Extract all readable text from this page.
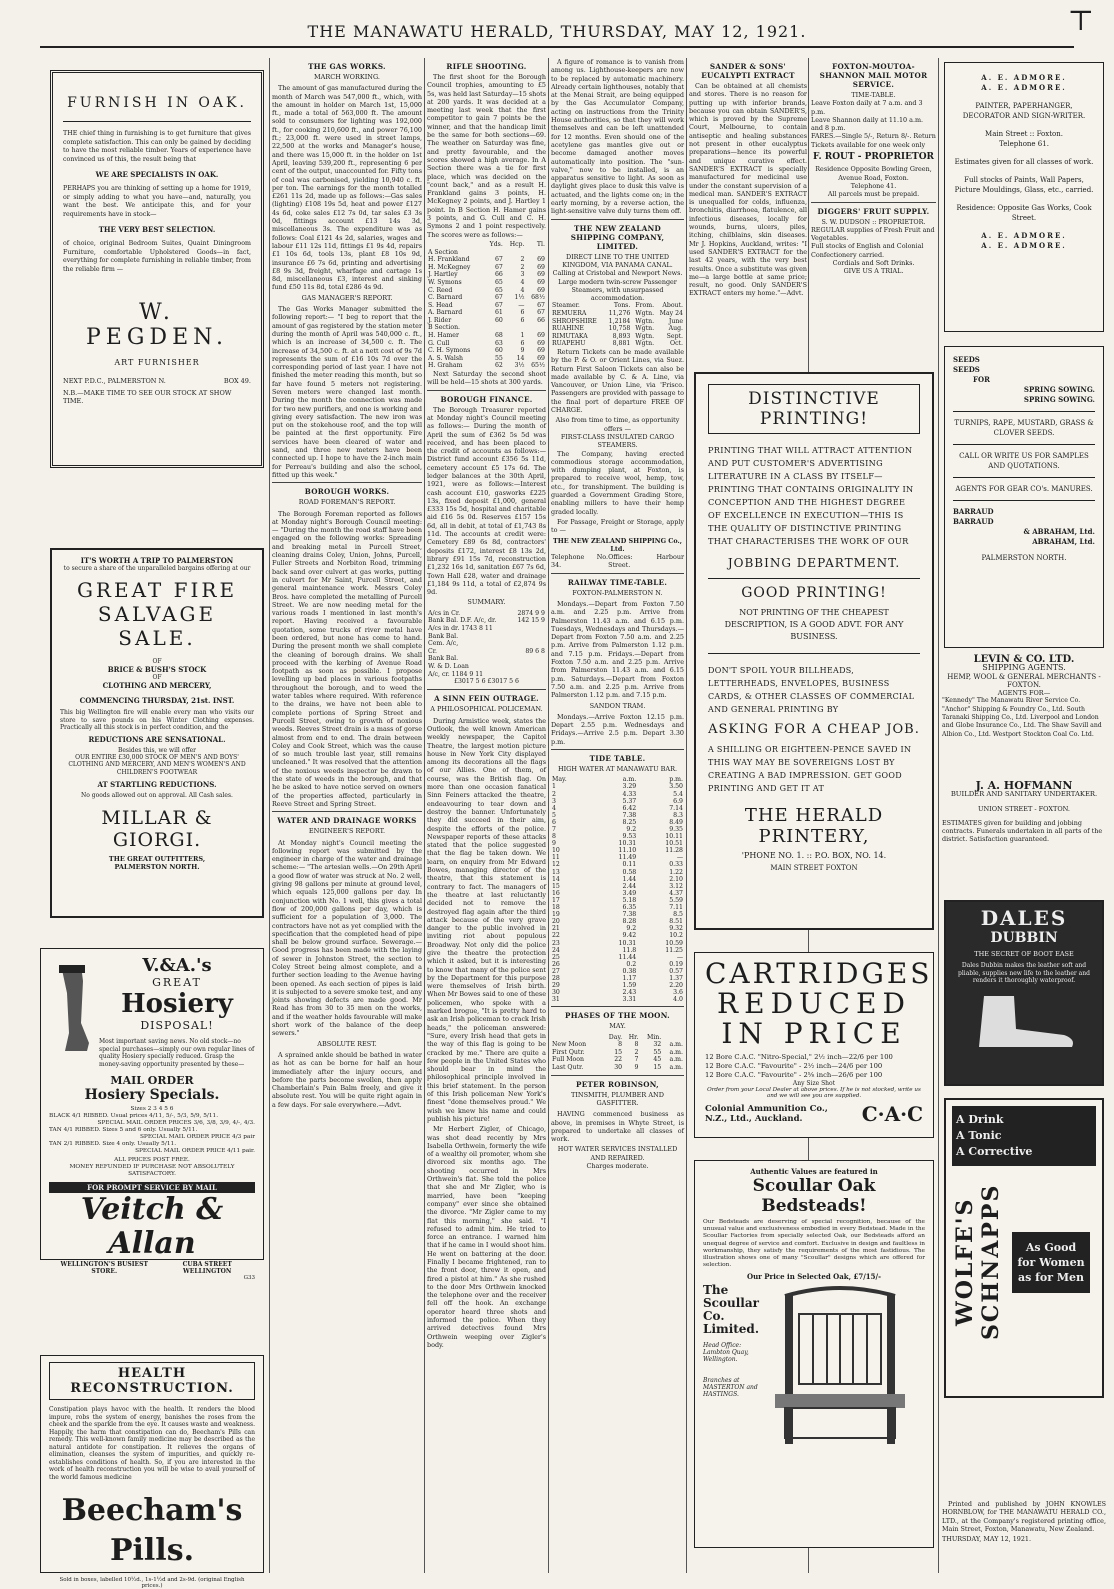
THE MANAWATU HERALD, THURSDAY, MAY 12, 1921.	⊤
FURNISH IN OAK.
THE chief thing in furnishing is to get furniture that gives complete satisfaction. This can only be gained by deciding to have the most reliable timber. Years of experience have convinced us of this, the result being that
WE ARE SPECIALISTS IN OAK.
PERHAPS you are thinking of setting up a home for 1919, or simply adding to what you have—and, naturally, you want the best. We anticipate this, and for your requirements have in stock—
THE VERY BEST SELECTION.
of choice, original Bedroom Suites, Quaint Diningroom Furniture, comfortable Upholstered Goods—in fact, everything for complete furnishing in reliable timber, from the reliable firm —
W. PEGDEN.
ART FURNISHER
NEXT P.D.C., PALMERSTON N.	BOX 49.
N.B.—MAKE TIME TO SEE OUR STOCK AT SHOW TIME.
IT'S WORTH A TRIP TO PALMERSTON
to secure a share of the unparalleled bargains offering at our
GREAT FIRE
SALVAGE SALE.
OF
BRICE & BUSH'S STOCK
OF
CLOTHING AND MERCERY,
COMMENCING THURSDAY, 21st. INST.
This big Wellington fire will enable every man who visits our store to save pounds on his Winter Clothing expenses. Practically all this stock is in perfect condition, and the
REDUCTIONS ARE SENSATIONAL.
Besides this, we will offer
OUR ENTIRE £30,000 STOCK OF MEN'S AND BOYS' CLOTHING AND MERCERY, AND MEN'S WOMEN'S AND CHILDREN'S FOOTWEAR
AT STARTLING REDUCTIONS.
No goods allowed out on approval. All Cash sales.
MILLAR & GIORGI.
THE GREAT OUTFITTERS,
PALMERSTON NORTH.
V.&A.'s
GREAT
Hosiery
DISPOSAL!
Most important saving news. No old stock—no special purchases—simply our own regular lines of quality Hosiery specially reduced. Grasp the money-saving opportunity presented by these—
MAIL ORDER
Hosiery Specials.
Sizes 2 3 4 5 6
BLACK 4/1 RIBBED. Usual prices 4/11, 5/-, 5/3, 5/9, 5/11.
SPECIAL MAIL ORDER PRICES 3/6, 3/8, 3/9, 4/-, 4/3.
TAN 4/1 RIBBED. Sizes 5 and 6 only. Usually 5/11.
SPECIAL MAIL ORDER PRICE 4/3 pair
TAN 2/1 RIBBED. Size 4 only. Usually 5/11.
SPECIAL MAIL ORDER PRICE 4/11 pair.
ALL PRICES POST FREE.
MONEY REFUNDED IF PURCHASE NOT ABSOLUTELY SATISFACTORY.
FOR PROMPT SERVICE BY MAIL
Veitch & Allan
WELLINGTON'S BUSIEST STORE.
CUBA STREET WELLINGTON
G33
HEALTH RECONSTRUCTION.
Constipation plays havoc with the health. It renders the blood impure, robs the system of energy, banishes the roses from the cheek and the sparkle from the eye. It causes waste and weakness. Happily, the harm that constipation can do, Beecham's Pills can remedy. This well-known family medicine may be described as the natural antidote for constipation. It relieves the organs of elimination, cleanses the system of impurities, and quickly re-establishes conditions of health. So, if you are interested in the work of health reconstruction you will be wise to avail yourself of the world famous medicine
Beecham's Pills.
Sold in boxes, labelled 10½d., 1s-1½d and 2s-9d. (original English prices.)
THE GAS WORKS.
MARCH WORKING.

The amount of gas manufactured during the month of March was 547,000 ft., which, with the amount in holder on March 1st, 15,000 ft., made a total of 563,000 ft. The amount sold to consumers for lighting was 192,000 ft., for cooking 210,600 ft., and power 76,100 ft.; 23,000 ft. were used in street lamps, 22,500 at the works and Manager's house, and there was 15,000 ft. in the holder on 1st April, leaving 539,200 ft., representing 6 per cent of the output, unaccounted for. Fifty tons of coal was carbonised, yielding 10,940 c. ft. per ton. The earnings for the month totalled £261 11s 2d, made up as follows:—Gas sales (lighting) £108 19s 5d, heat and power £127 4s 6d, coke sales £12 7s 0d, tar sales £3 3s 0d, fittings account £13 14s 3d, miscellaneous 3s. The expenditure was as follows: Coal £121 4s 2d, salaries, wages and labour £11 12s 11d, fittings £1 9s 4d, repairs £1 10s 6d, tools 13s, plant £8 10s 9d, insurance £6 7s 6d, printing and advertising £8 9s 3d, freight, wharfage and cartage 1s 8d, miscellaneous £3, interest and sinking fund £50 11s 8d, total £286 4s 9d.

GAS MANAGER'S REPORT.

The Gas Works Manager submitted the following report:— "I beg to report that the amount of gas registered by the station meter during the month of April was 540,000 c. ft., which is an increase of 34,500 c. ft. The increase of 34,500 c. ft. at a nett cost of 9s 7d represents the sum of £16 10s 7d over the corresponding period of last year. I have not finished the meter reading this month, but so far have found 5 meters not registering. Seven meters were changed last month. During the month the connection was made for two new purifiers, and one is working and giving every satisfaction. The new iron was put on the stokehouse roof, and the top will be painted at the first opportunity. Fire services have been cleared of water and sand, and three new meters have been connected up. I hope to have the 2-inch main for Perreau's building and also the school, fitted up this week."

BOROUGH WORKS.
ROAD FOREMAN'S REPORT.

The Borough Foreman reported as follows at Monday night's Borough Council meeting:— "During the month the road staff have been engaged on the following works: Spreading and breaking metal in Purcell Street, cleaning drains Coley, Union, Johns, Purcell, Fuller Streets and Norbiton Road, trimming back sand over culvert at gas works, putting in culvert for Mr Saint, Purcell Street, and general maintenance work. Messrs Coley Bros. have completed the metalling of Purcell Street. We are now needing metal for the various roads I mentioned in last month's report. Having received a favourable quotation, some trucks of river metal have been ordered, but none has come to hand. During the present month we shall complete the cleaning of borough drains. We shall proceed with the kerbing of Avenue Road footpath as soon as possible. I propose levelling up bad places in various footpaths throughout the borough, and to weed the water tables where required. With reference to the drains, we have not been able to complete portions of Spring Street and Purcell Street, owing to growth of noxious weeds. Reeves Street drain is a mass of gorse almost from end to end. The drain between Coley and Cook Street, which was the cause of so much trouble last year, still remains uncleaned." It was resolved that the attention of the noxious weeds inspector be drawn to the state of weeds in the borough, and that he be asked to have notice served on owners of the properties affected, particularly in Reeve Street and Spring Street.

WATER AND DRAINAGE WORKS
ENGINEER'S REPORT.

At Monday night's Council meeting the following report was submitted by the engineer in charge of the water and drainage scheme:— "The artesian wells.—On 29th April a good flow of water was struck at No. 2 well, giving 98 gallons per minute at ground level, which equals 125,000 gallons per day. In conjunction with No. 1 well, this gives a total flow of 200,000 gallons per day, which is sufficient for a population of 3,000. The contractors have not as yet complied with the specification that the completed head of pipe shall be below ground surface. Sewerage.—Good progress has been made with the laying of sewer in Johnston Street, the section to Coley Street being almost complete, and a further section leading to the Avenue having been opened. As each section of pipes is laid it is subjected to a severe smoke test, and any joints showing defects are made good. Mr Read has from 30 to 35 men on the works, and if the weather holds favourable will make short work of the balance of the deep sewers."

ABSOLUTE REST.

A sprained ankle should be bathed in water as hot as can be borne for half an hour immediately after the injury occurs, and before the parts become swollen, then apply Chamberlain's Pain Balm freely, and give it absolute rest. You will be quite right again in a few days. For sale everywhere.—Advt.

RIFLE SHOOTING.

The first shoot for the Borough Council trophies, amounting to £5 5s, was held last Saturday—15 shots at 200 yards. It was decided at a meeting last week that the first competitor to gain 7 points be the winner, and that the handicap limit be the same for both sections—69. The weather on Saturday was fine, and pretty favourable, and the scores showed a high average. In A Section there was a tie for first place, which was decided on the "count back," and as a result H. Frankland gains 3 points, H. McKegney 2 points, and J. Hartley 1 point. In B Section H. Hamer gains 3 points, and G. Cull and C. H. Symons 2 and 1 point respectively. The scores were as follows:—

	Yds.	Hcp.	Tl.
A Section			
H. Frankland	67	2	69
H. McKegney	67	2	69
J. Hartley	66	3	69
W. Symons	65	4	69
C. Reed	65	4	69
C. Barnard	67	1½	68½
S. Head	67	—	67
A. Barnard	61	6	67
J. Rider	60	6	66
B Section.			
H. Hamer	68	1	69
G. Cull	63	6	69
C. H. Symons	60	9	69
A. S. Walsh	55	14	69
H. Graham	62	3½	65½

Next Saturday the second shoot will be held—15 shots at 300 yards.

BOROUGH FINANCE.

The Borough Treasurer reported at Monday night's Council meeting as follows:— During the month of April the sum of £362 5s 5d was received, and has been placed to the credit of accounts as follows:—District fund account £356 5s 11d, cemetery account £5 17s 6d. The ledger balances at the 30th April, 1921, were as follows:—Interest cash account £10, gasworks £225 13s, fixed deposit £1,000, general £333 15s 5d, hospital and charitable aid £16 5s 0d. Reserves £157 15s 6d, all in debit, at total of £1,743 8s 11d. The accounts at credit were: Cemetery £89 6s 8d, contractors' deposits £172, interest £8 13s 2d, library £91 15s 7d, reconstruction £1,232 16s 1d, sanitation £67 7s 6d, Town Hall £28, water and drainage £1,184 9s 11d, a total of £2,874 9s 9d.

SUMMARY.
A/cs in Cr.	2874 9 9
Bank Bal. D.F. A/c, dr.	142 15 9
A/cs in dr. 1743 8 11	
Bank Bal.	
Cem. A/c,	
Cr.	89 6 8
Bank Bal.	
W. & D. Loan	
A/c, cr. 1184 9 11	
£3017 5 6 £3017 5 6
A SINN FEIN OUTRAGE.
A PHILOSOPHICAL POLICEMAN.

During Armistice week, states the Outlook, the well known American weekly newspaper, the Capitol Theatre, the largest motion picture house in New York City displayed among its decorations all the flags of our Allies. One of them, of course, was the British flag. On more than one occasion fanatical Sinn Feiners attacked the theatre, endeavouring to tear down and destroy the banner. Unfortunately they did succeed in their aim, despite the efforts of the police. Newspaper reports of these attacks stated that the police suggested that the flag be taken down. We learn, on enquiry from Mr Edward Bowes, managing director of the theatre, that this statement is contrary to fact. The managers of the theatre at last reluctantly decided not to remove the destroyed flag again after the third attack because of the very grave danger to the public involved in inviting riot about populous Broadway. Not only did the police give the theatre the protection which it asked, but it is interesting to know that many of the police sent by the Department for this purpose were themselves of Irish birth. When Mr Bowes said to one of these policemen, who spoke with a marked brogue, "It is pretty hard to ask an Irish policeman to crack Irish heads," the policeman answered: "Sure, every Irish head that gets in the way of this flag is going to be cracked by me." There are quite a few people in the United States who should bear in mind the philosophical principle involved in this brief statement. In the person of this Irish policeman New York's finest "done themselves proud." We wish we knew his name and could publish his picture!

Mr Herbert Zigler, of Chicago, was shot dead recently by Mrs Isabella Orthwein, formerly the wife of a wealthy oil promoter, whom she divorced six months ago. The shooting occurred in Mrs Orthwein's flat. She told the police that she and Mr Zigler, who is married, have been "keeping company" ever since she obtained the divorce. "Mr Zigler came to my flat this morning," she said. "I refused to admit him. He tried to force an entrance. I warned him that if he came in I would shoot him. He went on battering at the door. Finally I became frightened, ran to the front door, threw it open, and fired a pistol at him." As she rushed to the door Mrs Orthwein knocked the telephone over and the receiver fell off the hook. An exchange operator heard three shots and informed the police. When they arrived detectives found Mrs Orthwein weeping over Zigler's body.

A figure of romance is to vanish from among us. Lighthouse-keepers are now to be replaced by automatic machinery. Already certain lighthouses, notably that at the Menai Strait, are being equipped by the Gas Accumulator Company, acting on instructions from the Trinity House authorities, so that they will work themselves and can be left unattended for 12 months. Even should one of the acetylene gas mantles give out or become damaged another moves automatically into position. The "sun-valve," now to be installed, is an apparatus sensitive to light. As soon as daylight gives place to dusk this valve is actuated, and the lights come on; in the early morning, by a reverse action, the light-sensitive valve duly turns them off.

THE NEW ZEALAND SHIPPING COMPANY, LIMITED.
DIRECT LINE TO THE UNITED KINGDOM, VIA PANAMA CANAL.
Calling at Cristobal and Newport News.
Large modern twin-screw Passenger Steamers, with unsurpassed accommodation.
Steamer.	Tons.	From.	About.
REMUERA	11,276	Wgtn.	May 24
SHROPSHIRE	1,2184	Wgtn.	June
RUAHINE	10,758	Wgtn.	Aug.
RIMUTAKA	8,893	Wgtn.	Sept.
RUAPEHU	8,881	Wgtn.	Oct.

Return Tickets can be made available by the P. & O. or Orient Lines, via Suez. Return First Saloon Tickets can also be made available by C. & A. Line, via Vancouver, or Union Line, via 'Frisco. Passengers are provided with passage to the final port of departure FREE OF CHARGE.

Also from time to time, as opportunity offers —
FIRST-CLASS INSULATED CARGO STEAMERS.

The Company, having erected commodious storage accommodation, with dumping plant, at Foxton, is prepared to receive wool, hemp, tow, etc., for transhipment. The building is guarded a Government Grading Store, enabling millers to have their hemp graded locally.

For Passage, Freight or Storage, apply to —

THE NEW ZEALAND SHIPPING Co., Ltd.
Telephone No. 34.
Offices: Harbour Street.
RAILWAY TIME-TABLE.
FOXTON-PALMERSTON N.

Mondays.—Depart from Foxton 7.50 a.m. and 2.25 p.m. Arrive from Palmerston 11.43 a.m. and 6.15 p.m. Tuesdays, Wednesdays and Thursdays.—Depart from Foxton 7.50 a.m. and 2.25 p.m. Arrive from Palmerston 1.12 p.m. and 7.15 p.m. Fridays.—Depart from Foxton 7.50 a.m. and 2.25 p.m. Arrive from Palmerston 11.43 a.m. and 6.15 p.m. Saturdays.—Depart from Foxton 7.50 a.m. and 2.25 p.m. Arrive from Palmerston 1.12 p.m. and 7.15 p.m.

SANDON TRAM.

Mondays.—Arrive Foxton 12.15 p.m. Depart 2.55 p.m. Wednesdays and Fridays.—Arrive 2.5 p.m. Depart 3.30 p.m.

TIDE TABLE.
HIGH WATER AT MANAWATU BAR.
May.	a.m.	p.m.
1	3.29	3.50
2	4.33	5.4
3	5.37	6.9
4	6.42	7.14
5	7.38	8.3
6	8.25	8.49
7	9.2	9.35
8	9.53	10.11
9	10.31	10.51
10	11.10	11.28
11	11.49	—
12	0.11	0.33
13	0.58	1.22
14	1.44	2.10
15	2.44	3.12
16	3.49	4.37
17	5.18	5.59
18	6.35	7.11
19	7.38	8.5
20	8.28	8.51
21	9.2	9.32
22	9.42	10.2
23	10.31	10.59
24	11.8	11.25
25	11.44	—
26	0.2	0.19
27	0.38	0.57
28	1.17	1.37
29	1.59	2.20
30	2.43	3.6
31	3.31	4.0
PHASES OF THE MOON.
MAY.
	Day.	Hr.	Min.	
New Moon	8	8	32	a.m.
First Qutr.	15	2	55	a.m.
Full Moon	22	7	45	a.m.
Last Qutr.	30	9	15	a.m.
PETER ROBINSON,
TINSMITH, PLUMBER AND GASFITTER.

HAVING commenced business as above, in premises in Whyte Street, is prepared to undertake all classes of work.

HOT WATER SERVICES INSTALLED AND REPAIRED.
Charges moderate.
SANDER & SONS' EUCALYPTI EXTRACT

Can be obtained at all chemists and stores. There is no reason for putting up with inferior brands, because you can obtain SANDER'S, which is proved by the Supreme Court, Melbourne, to contain antiseptic and healing substances not present in other eucalyptus preparations—hence its powerful and unique curative effect. SANDER'S EXTRACT is specially manufactured for medicinal use under the constant supervision of a medical man. SANDER'S EXTRACT is unequalled for colds, influenza, bronchitis, diarrhoea, flatulence, all infectious diseases, locally for wounds, burns, ulcers, piles, itching, chilblains, skin diseases. Mr J. Hopkins, Auckland, writes: "I used SANDER'S EXTRACT for the last 42 years, with the very best results. Once a substitute was given me—a large bottle at same price; result, no good. Only SANDER'S EXTRACT enters my home."—Advt.

FOXTON-MOUTOA-SHANNON MAIL MOTOR SERVICE.
TIME-TABLE.
Leave Foxton daily at 7 a.m. and 3 p.m.
Leave Shannon daily at 11.10 a.m. and 8 p.m.
FARES.—Single 5/-, Return 8/-. Return Tickets available for one week only
F. ROUT - PROPRIETOR
Residence Opposite Bowling Green, Avenue Road, Foxton.
Telephone 41.
All parcels must be prepaid.
DIGGERS' FRUIT SUPPLY.
S. W. DUDSON :: PROPRIETOR.
REGULAR supplies of Fresh Fruit and Vegetables.
Full stocks of English and Colonial Confectionery carried.
Cordials and Soft Drinks.
GIVE US A TRIAL.
DISTINCTIVE PRINTING!
PRINTING THAT WILL ATTRACT ATTENTION AND PUT CUSTOMER'S ADVERTISING LITERATURE IN A CLASS BY ITSELF—PRINTING THAT CONTAINS ORIGINALITY IN CONCEPTION AND THE HIGHEST DEGREE OF EXCELLENCE IN EXECUTION—THIS IS THE QUALITY OF DISTINCTIVE PRINTING THAT CHARACTERISES THE WORK OF OUR
JOBBING DEPARTMENT.
GOOD PRINTING!
NOT PRINTING OF THE CHEAPEST DESCRIPTION, IS A GOOD ADVT. FOR ANY BUSINESS.
DON'T SPOIL YOUR BILLHEADS, LETTERHEADS, ENVELOPES, BUSINESS CARDS, & OTHER CLASSES OF COMMERCIAL AND GENERAL PRINTING BY
ASKING FOR A CHEAP JOB.
A SHILLING OR EIGHTEEN-PENCE SAVED IN THIS WAY MAY BE SOVEREIGNS LOST BY CREATING A BAD IMPRESSION. GET GOOD PRINTING AND GET IT AT
THE HERALD PRINTERY,
'PHONE NO. 1. :: P.O. BOX, NO. 14.
MAIN STREET FOXTON
CARTRIDGES
REDUCED
IN PRICE
12 Bore C.A.C. "Nitro-Special," 2½ inch—22/6 per 100
12 Bore C.A.C. "Favourite" - 2½ inch—24/6 per 100
12 Bore C.A.C. "Favourite" - 2⅝ inch—26/6 per 100
Any Size Shot
Order from your Local Dealer at above prices. If he is not stocked, write us and we will see you are supplied.
Colonial Ammunition Co., N.Z., Ltd., Auckland.	C·A·C
Authentic Values are featured in
Scoullar Oak Bedsteads!
Our Bedsteads are deserving of special recognition, because of the unusual value and exclusiveness embodied in every Bedstead. Made in the Scoullar Factories from specially selected Oak, our Bedsteads afford an unequal degree of service and comfort. Exclusive in design and faultless in workmanship, they satisfy the requirements of the most fastidious. The illustration shows one of many "Scoullar" designs which are offered for selection.
Our Price in Selected Oak, £7/15/-
The Scoullar Co. Limited.
Head Office: Lambton Quay, Wellington.
Branches at MASTERTON and HASTINGS.
A. E. ADMORE.
A. E. ADMORE.
PAINTER, PAPERHANGER, DECORATOR AND SIGN-WRITER.
Main Street :: Foxton.
Telephone 61.
Estimates given for all classes of work.
Full stocks of Paints, Wall Papers, Picture Mouldings, Glass, etc., carried.
Residence: Opposite Gas Works, Cook Street.
A. E. ADMORE.
A. E. ADMORE.
SEEDS
SEEDS
FOR
SPRING SOWING.
SPRING SOWING.
TURNIPS, RAPE, MUSTARD, GRASS & CLOVER SEEDS.
CALL OR WRITE US FOR SAMPLES AND QUOTATIONS.
AGENTS FOR GEAR CO's. MANURES.
BARRAUD
BARRAUD
& ABRAHAM, Ltd.
ABRAHAM, Ltd.
PALMERSTON NORTH.
LEVIN & CO. LTD.
SHIPPING AGENTS.
HEMP, WOOL & GENERAL MERCHANTS - FOXTON.
AGENTS FOR—
"Kennedy" The Manawatu River Service Co. "Anchor" Shipping & Foundry Co., Ltd. South Taranaki Shipping Co., Ltd. Liverpool and London and Globe Insurance Co., Ltd. The Shaw Savill and Albion Co., Ltd. Westport Stockton Coal Co. Ltd.
J. A. HOFMANN
BUILDER AND SANITARY UNDERTAKER.
UNION STREET - FOXTON.
ESTIMATES given for building and jobbing contracts. Funerals undertaken in all parts of the district. Satisfaction guaranteed.
DALES
DUBBIN
THE SECRET OF BOOT EASE
Dales Dubbin makes the leather soft and pliable, supplies new life to the leather and renders it thoroughly waterproof.
A Drink
A Tonic
A Corrective
WOLFE'S SCHNAPPS	As Good for Women as for Men

Printed and published by JOHN KNOWLES HORNBLOW, for THE MANAWATU HERALD CO., LTD., at the Company's registered printing office, Main Street, Foxton, Manawatu, New Zealand.

THURSDAY, MAY 12, 1921.
